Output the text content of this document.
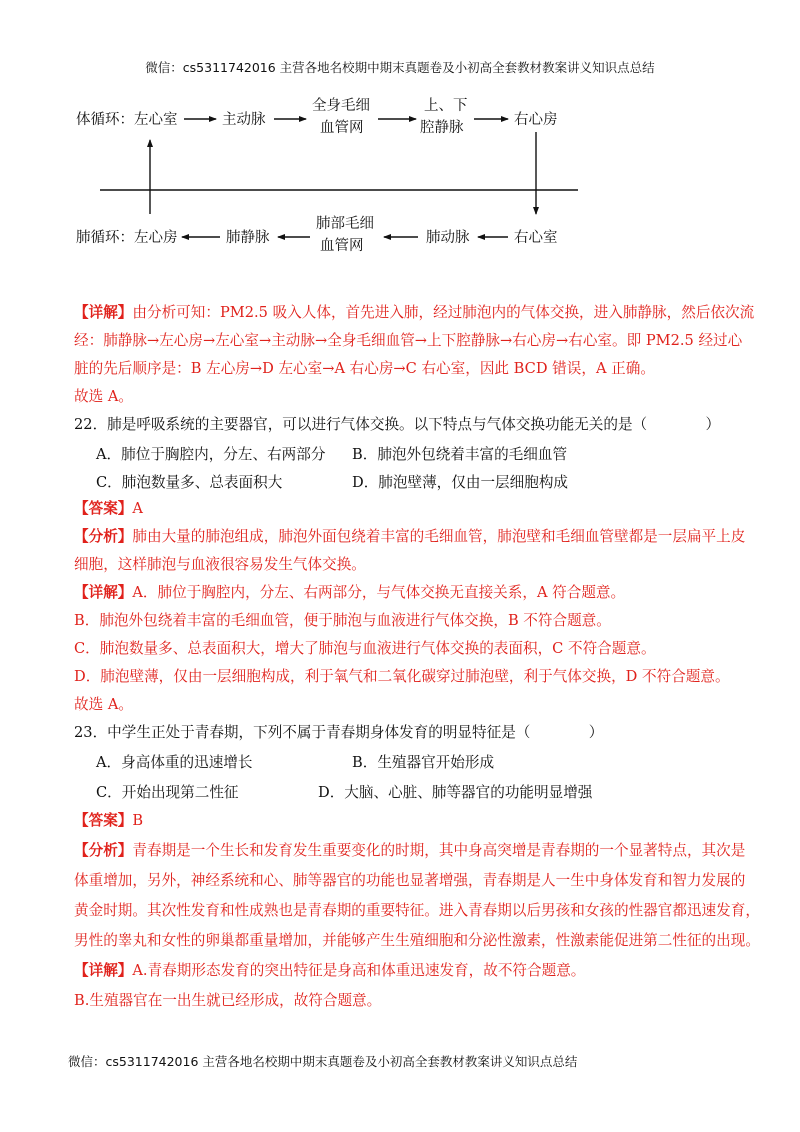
微信：cs5311742016 主营各地名校期中期末真题卷及小初高全套教材教案讲义知识点总结
体循环：左心室	主动脉
全身毛细
血管网
上、下
腔静脉	右心房
肺循环：左心房	肺静脉
肺部毛细
血管网	肺动脉	右心室
【详解】由分析可知：PM2.5 吸入人体，首先进入肺，经过肺泡内的气体交换，进入肺静脉，然后依次流
经：肺静脉→左心房→左心室→主动脉→全身毛细血管→上下腔静脉→右心房→右心室。即 PM2.5 经过心
脏的先后顺序是：B 左心房→D 左心室→A 右心房→C 右心室，因此 BCD 错误，A 正确。
故选 A。
22．肺是呼吸系统的主要器官，可以进行气体交换。以下特点与气体交换功能无关的是（　　　　）
A．肺位于胸腔内，分左、右两部分 B．肺泡外包绕着丰富的毛细血管
C．肺泡数量多、总表面积大	D．肺泡壁薄，仅由一层细胞构成
【答案】A
【分析】肺由大量的肺泡组成，肺泡外面包绕着丰富的毛细血管，肺泡壁和毛细血管壁都是一层扁平上皮
细胞，这样肺泡与血液很容易发生气体交换。
【详解】A．肺位于胸腔内，分左、右两部分，与气体交换无直接关系，A 符合题意。
B．肺泡外包绕着丰富的毛细血管，便于肺泡与血液进行气体交换，B 不符合题意。
C．肺泡数量多、总表面积大，增大了肺泡与血液进行气体交换的表面积，C 不符合题意。
D．肺泡壁薄，仅由一层细胞构成，利于氧气和二氧化碳穿过肺泡壁，利于气体交换，D 不符合题意。
故选 A。
23．中学生正处于青春期，下列不属于青春期身体发育的明显特征是（　　　　）
A．身高体重的迅速增长	B．生殖器官开始形成
C．开始出现第二性征	D．大脑、心脏、肺等器官的功能明显增强
【答案】B
【分析】青春期是一个生长和发育发生重要变化的时期，其中身高突增是青春期的一个显著特点，其次是
体重增加，另外，神经系统和心、肺等器官的功能也显著增强，青春期是人一生中身体发育和智力发展的
黄金时期。其次性发育和性成熟也是青春期的重要特征。进入青春期以后男孩和女孩的性器官都迅速发育，
男性的睾丸和女性的卵巢都重量增加，并能够产生生殖细胞和分泌性激素，性激素能促进第二性征的出现。
【详解】A.青春期形态发育的突出特征是身高和体重迅速发育，故不符合题意。
B.生殖器官在一出生就已经形成，故符合题意。
微信：cs5311742016 主营各地名校期中期末真题卷及小初高全套教材教案讲义知识点总结
